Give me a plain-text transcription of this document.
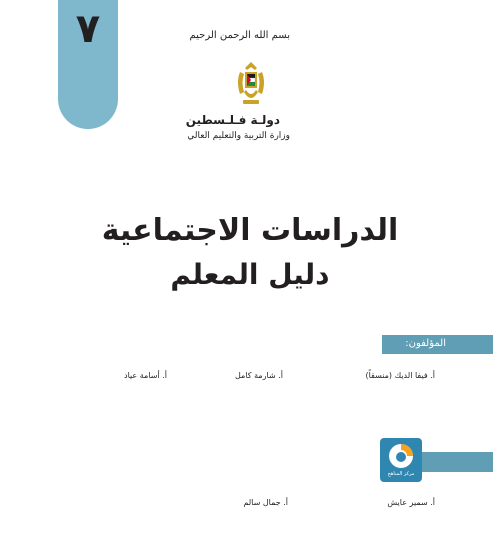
٧	بسم الله الرحمن الرحيم
دولـة فـلـسطين
وزارة التربية والتعليم العالي
الدراسات الاجتماعية
دليل المعلم
المؤلفون:
أ. فيفا الديك (منسقاً)
أ. شارمة كامل
أ. أسامة عياد
أ. سمير عايش
أ. جمال سالم
مركز المناهج
